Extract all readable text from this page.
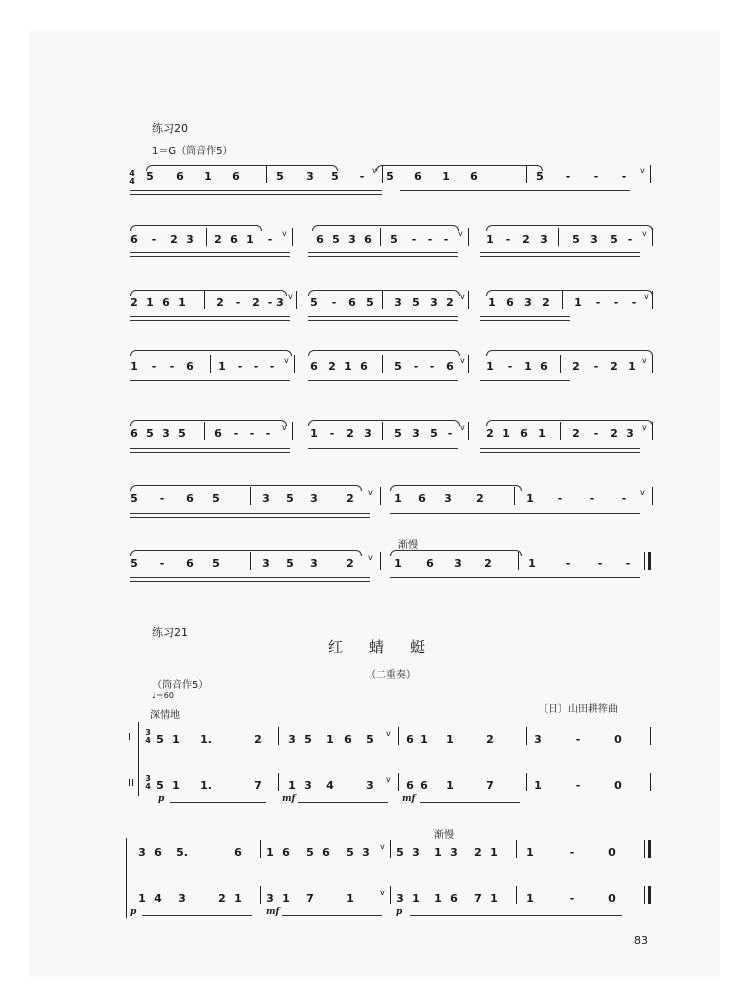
练习20
1＝G（筒音作5）
4
4 5 6 1 6	5 3 5	- v 5 6 1 6	5	-	-	-	v
6	-	2 3 2 6 1	-	v	6 5 3 6 5	-	-	-	v 1	-	2 3 5 3 5 -	v
2 1 6 1	2	-	2 - 3 v 5	-	6 5 3 5 3 2 v 1 6 3 2 1	-	-	- v
1	-	-	6 1	-	-	-	v 6 2 1 6 5	-	-	6 v 1	-	1 6 2	-	2 1 v
6 5 3 5	6	-	-	-	v 1	-	2 3 5 3 5 - v 2 1 6 1 2	-	2 3 v
5	-	6 5	3 5 3	2 v 1 6 3 2	1	-	-	-	v
渐慢
5	-	6 5	3 5 3	2 v 1 6 3 2	1	-	-	-
练习21
红蜻蜓
（二重奏）
（筒音作5）
♩＝60
深情地
〔日〕山田耕筰曲
I
II
3
4
3
4
5 1 1.	2 3 5 1 6 5 v 6 1 1	2	3	-	0
5 1 1.	7 1 3 4	3 v 6 6 1	7	1	-	0
p	mf	mf
渐慢
3 6 5.	6 1 6 5 6 5 3 v 5 3 1 3 2 1	1	-	0
1 4 3	2 1 3 1 7	1	v 3 1 1 6 7 1	1	-	0
p	mf	p
83
